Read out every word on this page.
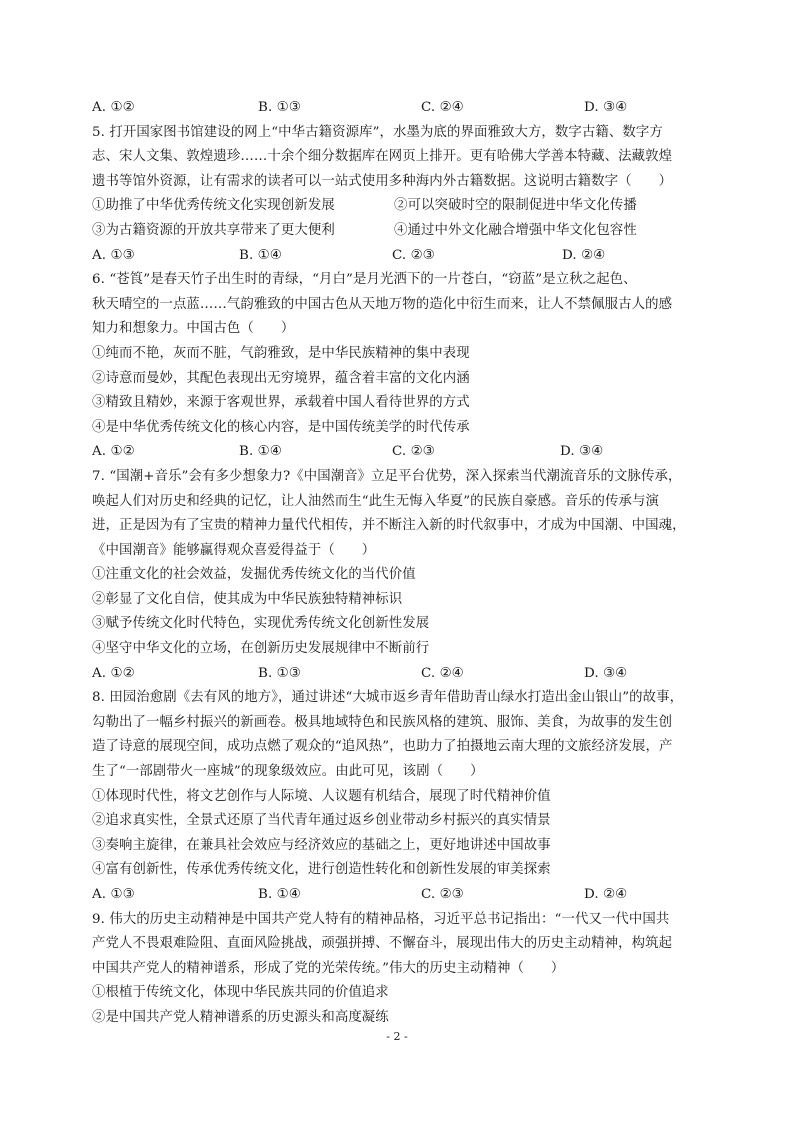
A. ①②	B. ①③	C. ②④	D. ③④
5. 打开国家图书馆建设的网上“中华古籍资源库”，水墨为底的界面雅致大方，数字古籍、数字方
志、宋人文集、敦煌遗珍……十余个细分数据库在网页上排开。更有哈佛大学善本特藏、法藏敦煌
遗书等馆外资源，让有需求的读者可以一站式使用多种海内外古籍数据。这说明古籍数字（　　）
①助推了中华优秀传统文化实现创新发展	②可以突破时空的限制促进中华文化传播
③为古籍资源的开放共享带来了更大便利	④通过中外文化融合增强中华文化包容性
A. ①③	B. ①④	C. ②③	D. ②④
6. “苍筤”是春天竹子出生时的青绿，“月白”是月光洒下的一片苍白，“窃蓝”是立秋之起色、
秋天晴空的一点蓝……气韵雅致的中国古色从天地万物的造化中衍生而来，让人不禁佩服古人的感
知力和想象力。中国古色（　　）
①纯而不艳，灰而不脏，气韵雅致，是中华民族精神的集中表现
②诗意而曼妙，其配色表现出无穷境界，蕴含着丰富的文化内涵
③精致且精妙，来源于客观世界，承载着中国人看待世界的方式
④是中华优秀传统文化的核心内容，是中国传统美学的时代传承
A. ①②	B. ①④	C. ②③	D. ③④
7. “国潮+音乐”会有多少想象力?《中国潮音》立足平台优势，深入探索当代潮流音乐的文脉传承，
唤起人们对历史和经典的记忆，让人油然而生“此生无悔入华夏”的民族自豪感。音乐的传承与演
进，正是因为有了宝贵的精神力量代代相传，并不断注入新的时代叙事中，才成为中国潮、中国魂，
《中国潮音》能够赢得观众喜爱得益于（　　）
①注重文化的社会效益，发掘优秀传统文化的当代价值
②彰显了文化自信，使其成为中华民族独特精神标识
③赋予传统文化时代特色，实现优秀传统文化创新性发展
④坚守中华文化的立场，在创新历史发展规律中不断前行
A. ①②	B. ①③	C. ②④	D. ③④
8. 田园治愈剧《去有风的地方》，通过讲述“大城市返乡青年借助青山绿水打造出金山银山”的故事，
勾勒出了一幅乡村振兴的新画卷。极具地域特色和民族风格的建筑、服饰、美食，为故事的发生创
造了诗意的展现空间，成功点燃了观众的“追风热”，也助力了拍摄地云南大理的文旅经济发展，产
生了“一部剧带火一座城”的现象级效应。由此可见，该剧（　　）
①体现时代性，将文艺创作与人际境、人议题有机结合，展现了时代精神价值
②追求真实性，全景式还原了当代青年通过返乡创业带动乡村振兴的真实情景
③奏响主旋律，在兼具社会效应与经济效应的基础之上，更好地讲述中国故事
④富有创新性，传承优秀传统文化，进行创造性转化和创新性发展的审美探索
A. ①③	B. ①④	C. ②③	D. ②④
9. 伟大的历史主动精神是中国共产党人特有的精神品格，习近平总书记指出：“一代又一代中国共
产党人不畏艰难险阻、直面风险挑战，顽强拼搏、不懈奋斗，展现出伟大的历史主动精神，构筑起
中国共产党人的精神谱系，形成了党的光荣传统。”伟大的历史主动精神（　　）
①根植于传统文化，体现中华民族共同的价值追求
②是中国共产党人精神谱系的历史源头和高度凝练
- 2 -
